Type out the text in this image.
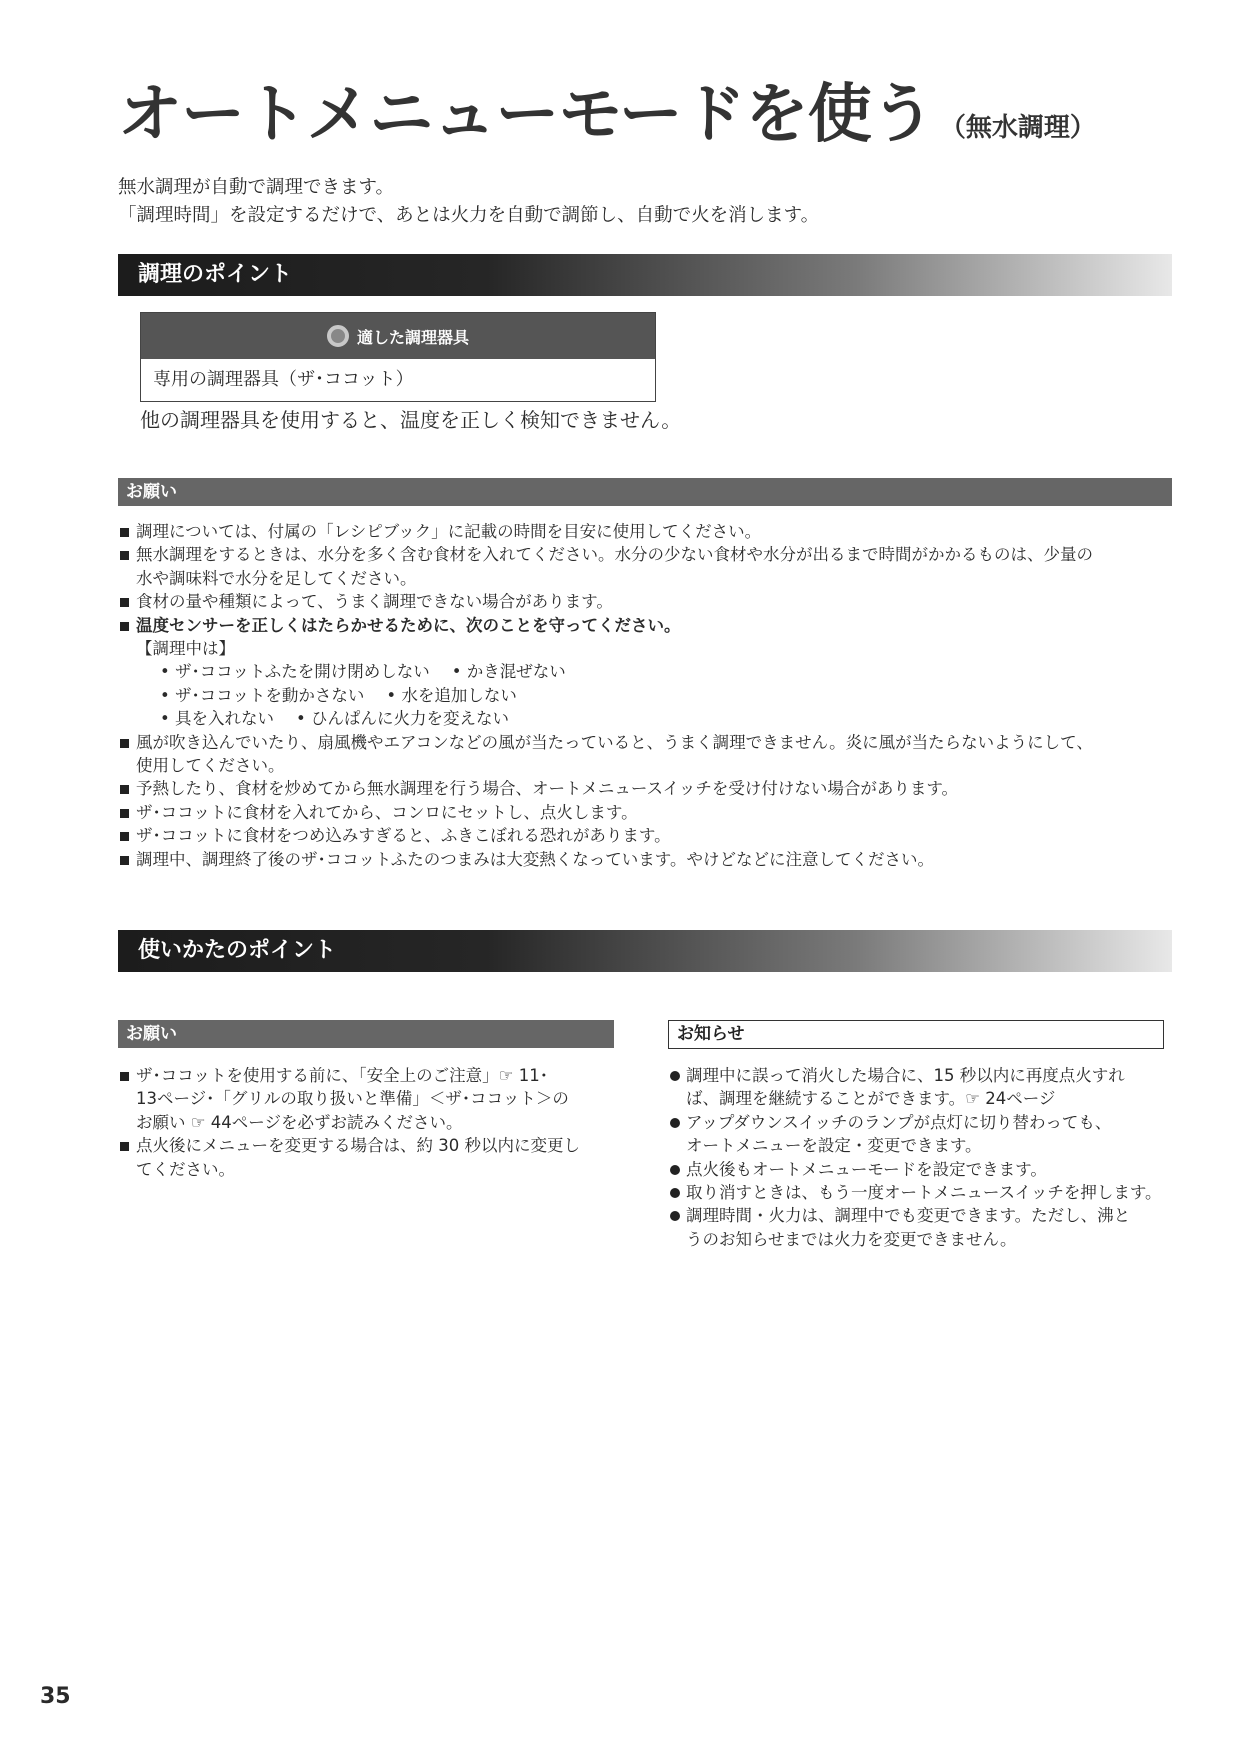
オートメニューモードを使う （無水調理）
無水調理が自動で調理できます。
「調理時間」を設定するだけで、あとは火力を自動で調節し、自動で火を消します。
調理のポイント
適した調理器具
専用の調理器具（ザ･ココット）
他の調理器具を使用すると、温度を正しく検知できません。
お願い
調理については、付属の「レシピブック」に記載の時間を目安に使用してください。
無水調理をするときは、水分を多く含む食材を入れてください。水分の少ない食材や水分が出るまで時間がかかるものは、少量の
水や調味料で水分を足してください。
食材の量や種類によって、うまく調理できない場合があります。
温度センサーを正しくはたらかせるために、次のことを守ってください。
【調理中は】
• ザ･ココットふたを開け閉めしない • かき混ぜない
• ザ･ココットを動かさない • 水を追加しない
• 具を入れない • ひんぱんに火力を変えない
風が吹き込んでいたり、扇風機やエアコンなどの風が当たっていると、うまく調理できません。炎に風が当たらないようにして、
使用してください。
予熱したり、食材を炒めてから無水調理を行う場合、オートメニュースイッチを受け付けない場合があります。
ザ･ココットに食材を入れてから、コンロにセットし、点火します。
ザ･ココットに食材をつめ込みすぎると、ふきこぼれる恐れがあります。
調理中、調理終了後のザ･ココットふたのつまみは大変熱くなっています。やけどなどに注意してください。
使いかたのポイント
お願い
ザ･ココットを使用する前に、「安全上のご注意」☞ 11･
13ページ･「グリルの取り扱いと準備」＜ザ･ココット＞の
お願い ☞ 44ページを必ずお読みください。
点火後にメニューを変更する場合は、約 30 秒以内に変更し
てください。
お知らせ
調理中に誤って消火した場合に、15 秒以内に再度点火すれ
ば、調理を継続することができます。☞ 24ページ
アップダウンスイッチのランプが点灯に切り替わっても、
オートメニューを設定・変更できます。
点火後もオートメニューモードを設定できます。
取り消すときは、もう一度オートメニュースイッチを押します。
調理時間・火力は、調理中でも変更できます。ただし、沸と
うのお知らせまでは火力を変更できません。
35
